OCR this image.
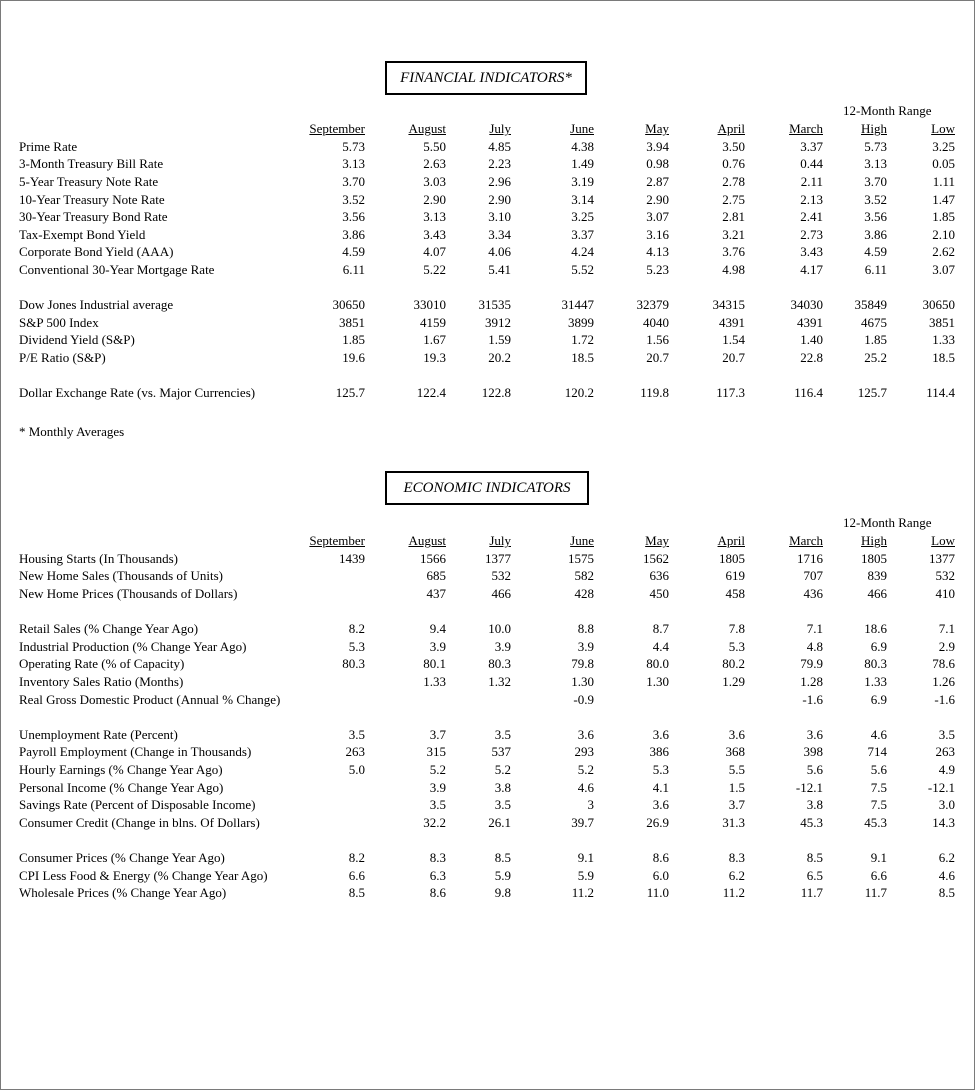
FINANCIAL INDICATORS*
12-Month Range
	September	August	July	June	May	April	March	High	Low
Prime Rate	5.73	5.50	4.85	4.38	3.94	3.50	3.37	5.73	3.25
3-Month Treasury Bill Rate	3.13	2.63	2.23	1.49	0.98	0.76	0.44	3.13	0.05
5-Year Treasury Note Rate	3.70	3.03	2.96	3.19	2.87	2.78	2.11	3.70	1.11
10-Year Treasury Note Rate	3.52	2.90	2.90	3.14	2.90	2.75	2.13	3.52	1.47
30-Year Treasury Bond Rate	3.56	3.13	3.10	3.25	3.07	2.81	2.41	3.56	1.85
Tax-Exempt Bond Yield	3.86	3.43	3.34	3.37	3.16	3.21	2.73	3.86	2.10
Corporate Bond Yield (AAA)	4.59	4.07	4.06	4.24	4.13	3.76	3.43	4.59	2.62
Conventional 30-Year Mortgage Rate	6.11	5.22	5.41	5.52	5.23	4.98	4.17	6.11	3.07

Dow Jones Industrial average	30650	33010	31535	31447	32379	34315	34030	35849	30650
S&P 500 Index	3851	4159	3912	3899	4040	4391	4391	4675	3851
Dividend Yield (S&P)	1.85	1.67	1.59	1.72	1.56	1.54	1.40	1.85	1.33
P/E Ratio (S&P)	19.6	19.3	20.2	18.5	20.7	20.7	22.8	25.2	18.5

Dollar Exchange Rate (vs. Major Currencies)	125.7	122.4	122.8	120.2	119.8	117.3	116.4	125.7	114.4
* Monthly Averages
ECONOMIC INDICATORS
12-Month Range
	September	August	July	June	May	April	March	High	Low
Housing Starts (In Thousands)	1439	1566	1377	1575	1562	1805	1716	1805	1377
New Home Sales (Thousands of Units)		685	532	582	636	619	707	839	532
New Home Prices (Thousands of Dollars)		437	466	428	450	458	436	466	410

Retail Sales (% Change Year Ago)	8.2	9.4	10.0	8.8	8.7	7.8	7.1	18.6	7.1
Industrial Production (% Change Year Ago)	5.3	3.9	3.9	3.9	4.4	5.3	4.8	6.9	2.9
Operating Rate (% of Capacity)	80.3	80.1	80.3	79.8	80.0	80.2	79.9	80.3	78.6
Inventory Sales Ratio (Months)		1.33	1.32	1.30	1.30	1.29	1.28	1.33	1.26
Real Gross Domestic Product (Annual % Change)				-0.9			-1.6	6.9	-1.6

Unemployment Rate (Percent)	3.5	3.7	3.5	3.6	3.6	3.6	3.6	4.6	3.5
Payroll Employment (Change in Thousands)	263	315	537	293	386	368	398	714	263
Hourly Earnings (% Change Year Ago)	5.0	5.2	5.2	5.2	5.3	5.5	5.6	5.6	4.9
Personal Income (% Change Year Ago)		3.9	3.8	4.6	4.1	1.5	-12.1	7.5	-12.1
Savings Rate (Percent of Disposable Income)		3.5	3.5	3	3.6	3.7	3.8	7.5	3.0
Consumer Credit (Change in blns. Of Dollars)		32.2	26.1	39.7	26.9	31.3	45.3	45.3	14.3

Consumer Prices (% Change Year Ago)	8.2	8.3	8.5	9.1	8.6	8.3	8.5	9.1	6.2
CPI Less Food & Energy (% Change Year Ago)	6.6	6.3	5.9	5.9	6.0	6.2	6.5	6.6	4.6
Wholesale Prices (% Change Year Ago)	8.5	8.6	9.8	11.2	11.0	11.2	11.7	11.7	8.5
